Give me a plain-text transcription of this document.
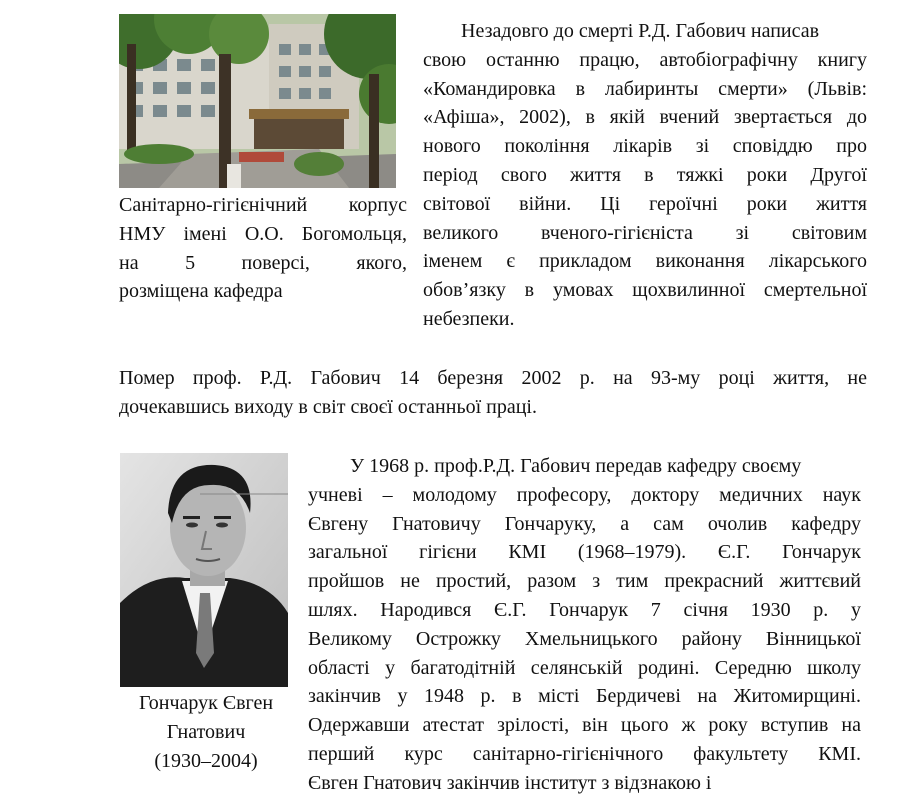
Санітарно-гігієнічний корпус
НМУ імені О.О. Богомольця,
на 5 поверсі, якого,
розміщена кафедра
Незадовго до смерті Р.Д. Габович написав
свою останню працю, автобіографічну книгу
«Командировка в лабиринты смерти» (Львів:
«Афіша», 2002), в якій вчений звертається до
нового покоління лікарів зі сповіддю про
період свого життя в тяжкі роки Другої
світової війни. Ці героїчні роки життя
великого вченого-гігієніста зі світовим
іменем є прикладом виконання лікарського
обов’язку в умовах щохвилинної смертельної
небезпеки.
Помер проф. Р.Д. Габович 14 березня 2002 р. на 93-му році життя, не
дочекавшись виходу в світ своєї останньої праці.
Гончарук Євген
Гнатович
(1930–2004)
У 1968 р. проф.Р.Д. Габович передав кафедру своєму
учневі – молодому професору, доктору медичних наук
Євгену Гнатовичу Гончаруку, а сам очолив кафедру
загальної гігієни КМІ (1968–1979). Є.Г. Гончарук
пройшов не простий, разом з тим прекрасний життєвий
шлях. Народився Є.Г. Гончарук 7 січня 1930 р. у
Великому Острожку Хмельницького району Вінницької
області у багатодітній селянській родині. Середню школу
закінчив у 1948 р. в місті Бердичеві на Житомирщині.
Одержавши атестат зрілості, він цього ж року вступив на
перший курс санітарно-гігієнічного факультету КМІ.
Євген Гнатович закінчив інститут з відзнакою і
